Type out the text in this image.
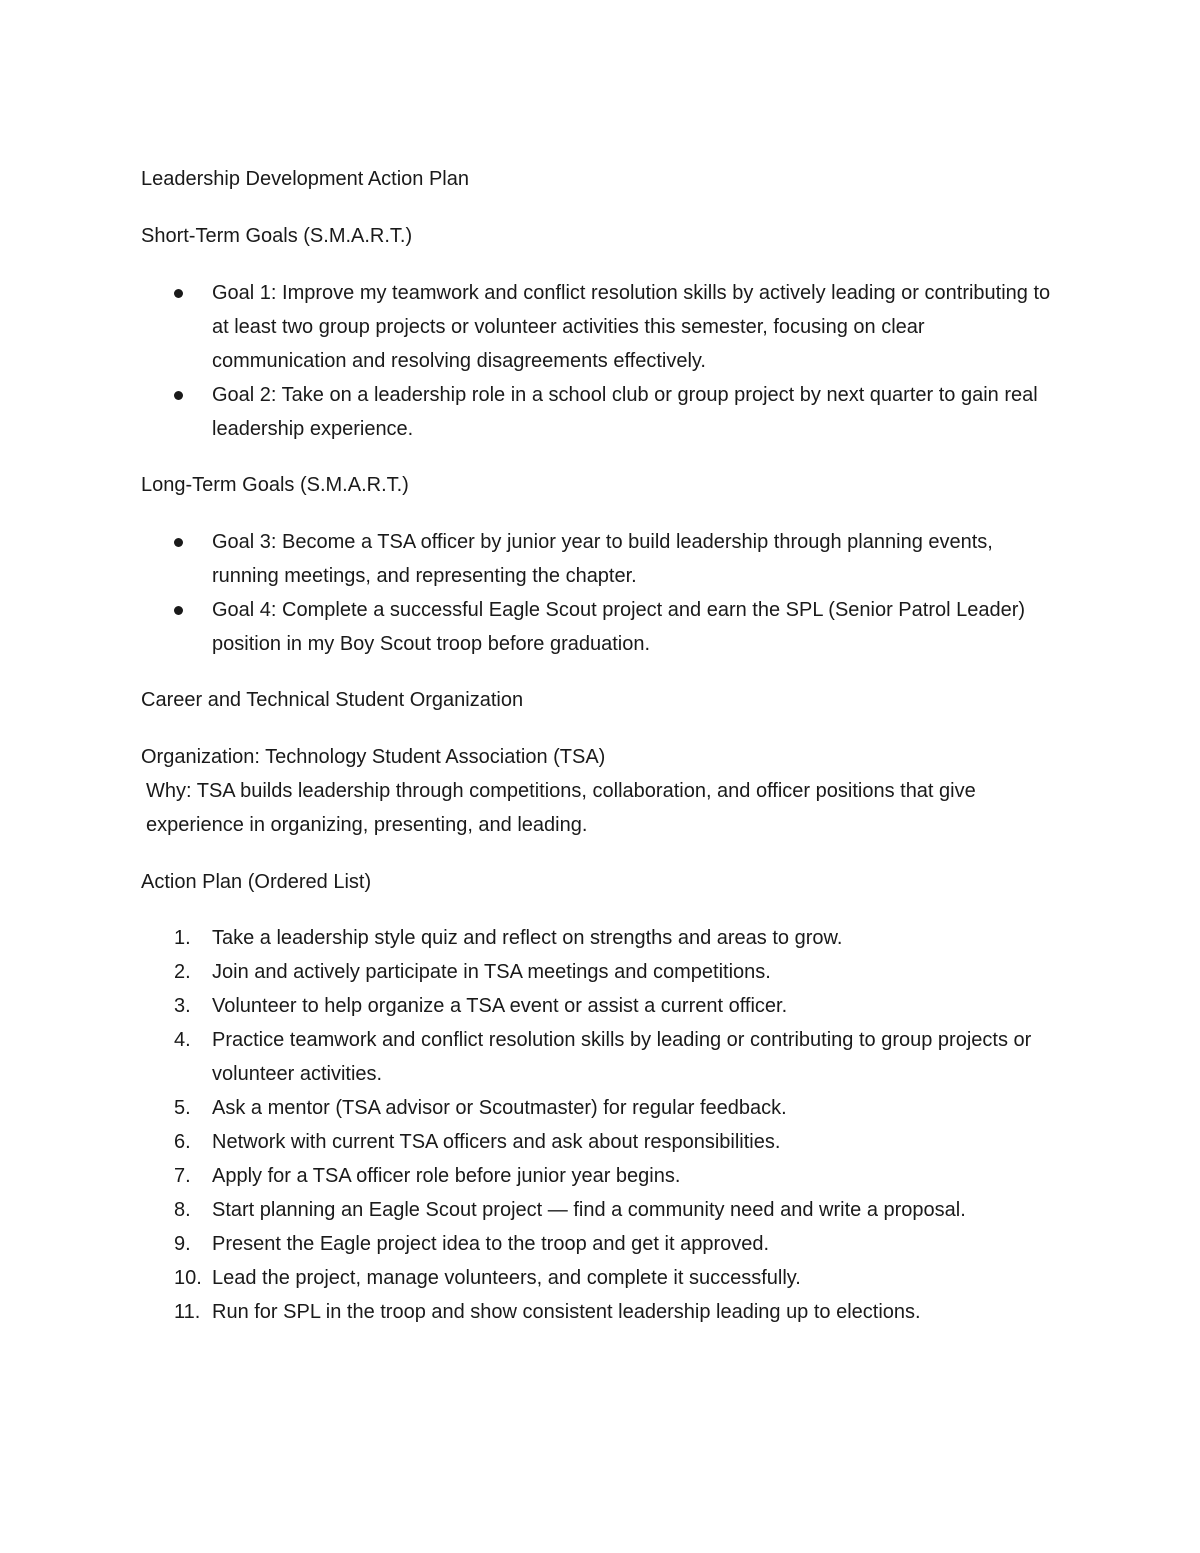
Leadership Development Action Plan

Short-Term Goals (S.M.A.R.T.)

Goal 1: Improve my teamwork and conflict resolution skills by actively leading or contributing to at least two group projects or volunteer activities this semester, focusing on clear communication and resolving disagreements effectively.
Goal 2: Take on a leadership role in a school club or group project by next quarter to gain real leadership experience.

Long-Term Goals (S.M.A.R.T.)

Goal 3: Become a TSA officer by junior year to build leadership through planning events, running meetings, and representing the chapter.
Goal 4: Complete a successful Eagle Scout project and earn the SPL (Senior Patrol Leader) position in my Boy Scout troop before graduation.

Career and Technical Student Organization

Organization: Technology Student Association (TSA)

Why: TSA builds leadership through competitions, collaboration, and officer positions that give experience in organizing, presenting, and leading.

Action Plan (Ordered List)

1. Take a leadership style quiz and reflect on strengths and areas to grow.
2. Join and actively participate in TSA meetings and competitions.
3. Volunteer to help organize a TSA event or assist a current officer.
4. Practice teamwork and conflict resolution skills by leading or contributing to group projects or volunteer activities.
5. Ask a mentor (TSA advisor or Scoutmaster) for regular feedback.
6. Network with current TSA officers and ask about responsibilities.
7. Apply for a TSA officer role before junior year begins.
8. Start planning an Eagle Scout project — find a community need and write a proposal.
9. Present the Eagle project idea to the troop and get it approved.
10. Lead the project, manage volunteers, and complete it successfully.
11. Run for SPL in the troop and show consistent leadership leading up to elections.
